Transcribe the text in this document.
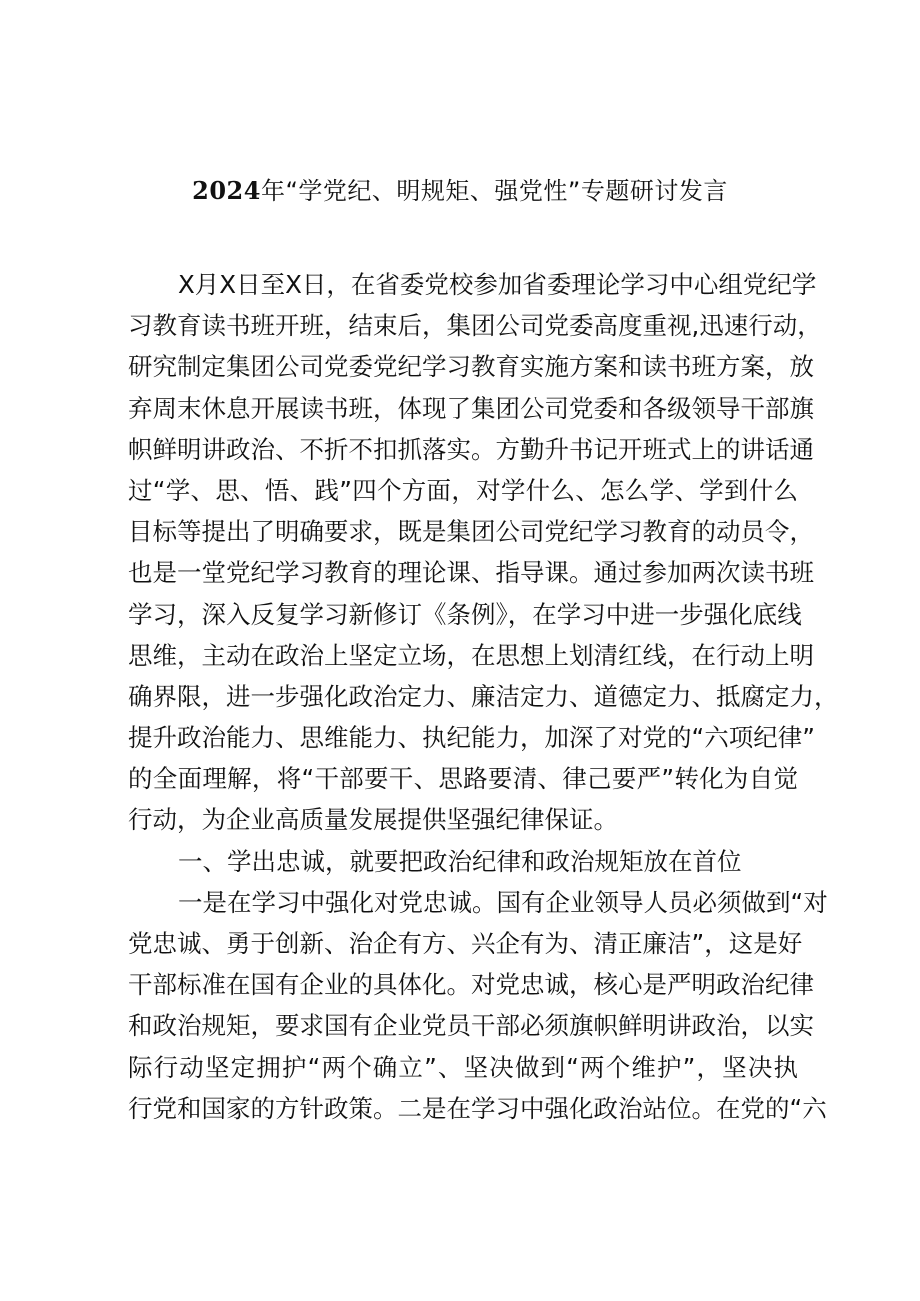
2024年“学党纪、明规矩、强党性”专题研讨发言
X月X日至X日，在省委党校参加省委理论学习中心组党纪学
习教育读书班开班，结束后，集团公司党委高度重视,迅速行动，
研究制定集团公司党委党纪学习教育实施方案和读书班方案，放
弃周末休息开展读书班，体现了集团公司党委和各级领导干部旗
帜鲜明讲政治、不折不扣抓落实。方勤升书记开班式上的讲话通
过“学、思、悟、践”四个方面，对学什么、怎么学、学到什么
目标等提出了明确要求，既是集团公司党纪学习教育的动员令，
也是一堂党纪学习教育的理论课、指导课。通过参加两次读书班
学习，深入反复学习新修订《条例》，在学习中进一步强化底线
思维，主动在政治上坚定立场，在思想上划清红线，在行动上明
确界限，进一步强化政治定力、廉洁定力、道德定力、抵腐定力，
提升政治能力、思维能力、执纪能力，加深了对党的“六项纪律”
的全面理解，将“干部要干、思路要清、律己要严”转化为自觉
行动，为企业高质量发展提供坚强纪律保证。
一、学出忠诚，就要把政治纪律和政治规矩放在首位
一是在学习中强化对党忠诚。国有企业领导人员必须做到“对
党忠诚、勇于创新、治企有方、兴企有为、清正廉洁”，这是好
干部标准在国有企业的具体化。对党忠诚，核心是严明政治纪律
和政治规矩，要求国有企业党员干部必须旗帜鲜明讲政治，以实
际行动坚定拥护“两个确立”、坚决做到“两个维护”，坚决执
行党和国家的方针政策。二是在学习中强化政治站位。在党的“六
